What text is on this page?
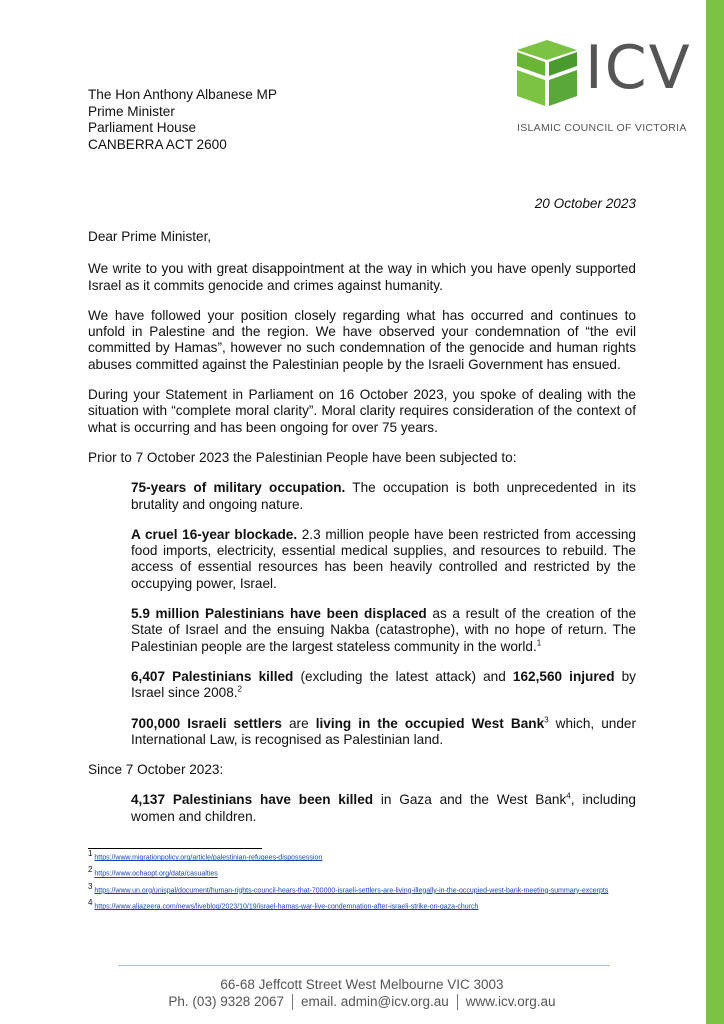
ICV
ISLAMIC COUNCIL OF VICTORIA
The Hon Anthony Albanese MP
Prime Minister
Parliament House
CANBERRA ACT 2600
20 October 2023

Dear Prime Minister,

We write to you with great disappointment at the way in which you have openly supported Israel as it commits genocide and crimes against humanity.

We have followed your position closely regarding what has occurred and continues to unfold in Palestine and the region. We have observed your condemnation of “the evil committed by Hamas”, however no such condemnation of the genocide and human rights abuses committed against the Palestinian people by the Israeli Government has ensued.

During your Statement in Parliament on 16 October 2023, you spoke of dealing with the situation with “complete moral clarity”. Moral clarity requires consideration of the context of what is occurring and has been ongoing for over 75 years.

Prior to 7 October 2023 the Palestinian People have been subjected to:

75-years of military occupation. The occupation is both unprecedented in its brutality and ongoing nature.

A cruel 16-year blockade. 2.3 million people have been restricted from accessing food imports, electricity, essential medical supplies, and resources to rebuild. The access of essential resources has been heavily controlled and restricted by the occupying power, Israel.

5.9 million Palestinians have been displaced as a result of the creation of the State of Israel and the ensuing Nakba (catastrophe), with no hope of return. The Palestinian people are the largest stateless community in the world.$^1$

6,407 Palestinians killed (excluding the latest attack) and 162,560 injured by Israel since 2008.$^2$

700,000 Israeli settlers are living in the occupied West Bank$^3$ which, under International Law, is recognised as Palestinian land.

Since 7 October 2023:

4,137 Palestinians have been killed in Gaza and the West Bank$^4$, including women and children.

$^1$ https://www.migrationpolicy.org/article/palestinian-refugees-dispossession
$^2$ https://www.ochaopt.org/data/casualties
$^3$ https://www.un.org/unispal/document/human-rights-council-hears-that-700000-israeli-settlers-are-living-illegally-in-the-occupied-west-bank-meeting-summary-excerpts
$^4$ https://www.aljazeera.com/news/liveblog/2023/10/19/israel-hamas-war-live-condemnation-after-israeli-strike-on-gaza-church
66-68 Jeffcott Street West Melbourne VIC 3003
Ph. (03) 9328 2067 email. admin@icv.org.au www.icv.org.au
